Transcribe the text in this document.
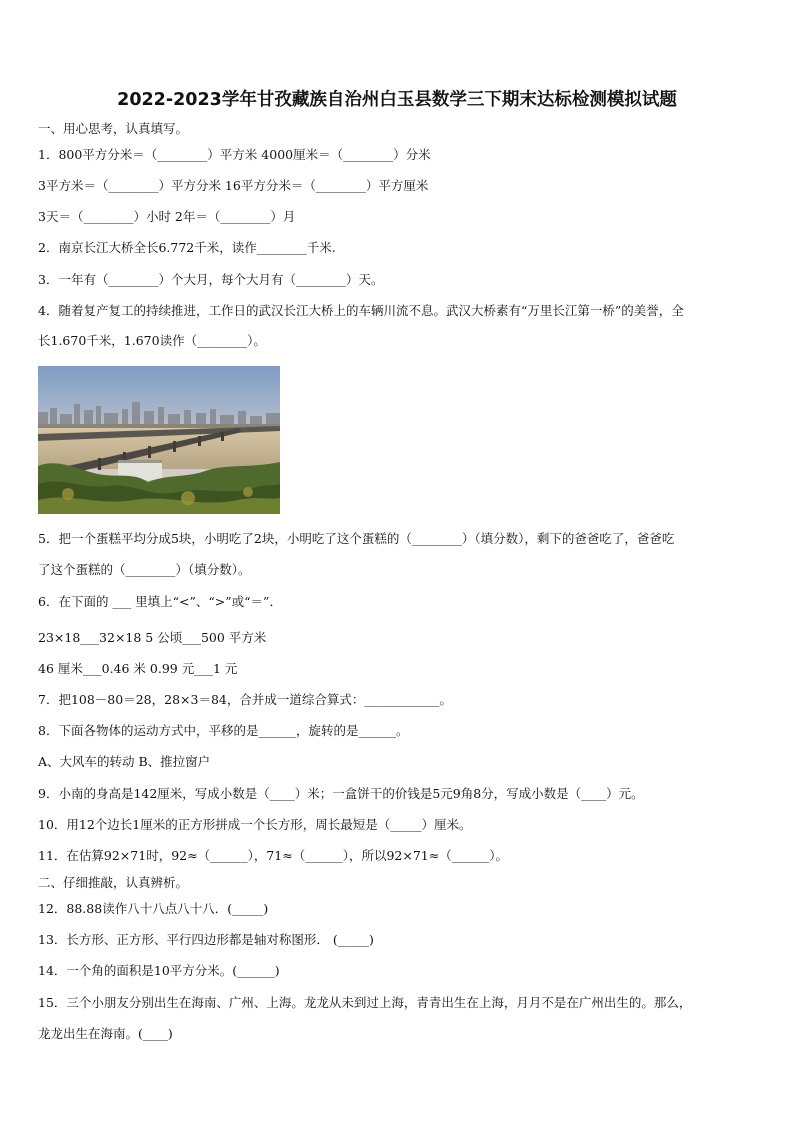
2022-2023学年甘孜藏族自治州白玉县数学三下期末达标检测模拟试题
一、用心思考，认真填写。
1．800平方分米＝（________）平方米 4000厘米＝（________）分米
3平方米＝（________）平方分米 16平方分米＝（________）平方厘米
3天＝（________）小时 2年＝（________）月
2．南京长江大桥全长6.772千米，读作________千米.
3．一年有（________）个大月，每个大月有（________）天。
4．随着复产复工的持续推进，工作日的武汉长江大桥上的车辆川流不息。武汉大桥素有“万里长江第一桥”的美誉，全
长1.670千米，1.670读作（________）。
5．把一个蛋糕平均分成5块，小明吃了2块，小明吃了这个蛋糕的（________）（填分数），剩下的爸爸吃了，爸爸吃
了这个蛋糕的（________）（填分数）。
6．在下面的 ___ 里填上“<”、“>”或“＝”．
23×18___32×18 5 公顷___500 平方米
46 厘米___0.46 米 0.99 元___1 元
7．把108－80＝28，28×3＝84，合并成一道综合算式：____________。
8．下面各物体的运动方式中，平移的是______，旋转的是______。
A、大风车的转动 B、推拉窗户
9．小南的身高是142厘米，写成小数是（____）米；一盒饼干的价钱是5元9角8分，写成小数是（____）元。
10．用12个边长1厘米的正方形拼成一个长方形，周长最短是（_____）厘米。
11．在估算92×71时，92≈（______），71≈（______），所以92×71≈（______）。
二、仔细推敲，认真辨析。
12．88.88读作八十八点八十八．(_____)
13．长方形、正方形、平行四边形都是轴对称图形． (_____)
14．一个角的面积是10平方分米。(______)
15．三个小朋友分别出生在海南、广州、上海。龙龙从未到过上海，青青出生在上海，月月不是在广州出生的。那么，
龙龙出生在海南。(____)
